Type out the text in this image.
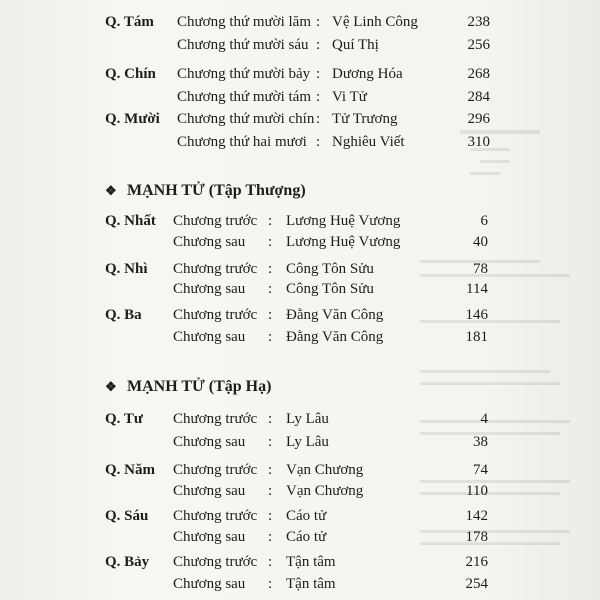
Q. Tám Chương thứ mười lăm : Vệ Linh Công	238
Chương thứ mười sáu : Quí Thị	256
Q. Chín Chương thứ mười bảy : Dương Hóa	268
Chương thứ mười tám : Vi Tử	284
Q. Mười Chương thứ mười chín : Tử Trương	296
Chương thứ hai mươi : Nghiêu Viết	310
❖ MẠNH TỬ (Tập Thượng)
Q. Nhất Chương trước : Lương Huệ Vương	6
Chương sau : Lương Huệ Vương	40
Q. Nhì Chương trước : Công Tôn Sửu	78
Chương sau : Công Tôn Sửu	114
Q. Ba Chương trước : Đằng Văn Công	146
Chương sau : Đằng Văn Công	181
❖ MẠNH TỬ (Tập Hạ)
Q. Tư Chương trước : Ly Lâu	4
Chương sau : Ly Lâu	38
Q. Năm Chương trước : Vạn Chương	74
Chương sau : Vạn Chương	110
Q. Sáu Chương trước : Cáo tử	142
Chương sau : Cáo tử	178
Q. Bảy Chương trước : Tận tâm	216
Chương sau : Tận tâm	254
